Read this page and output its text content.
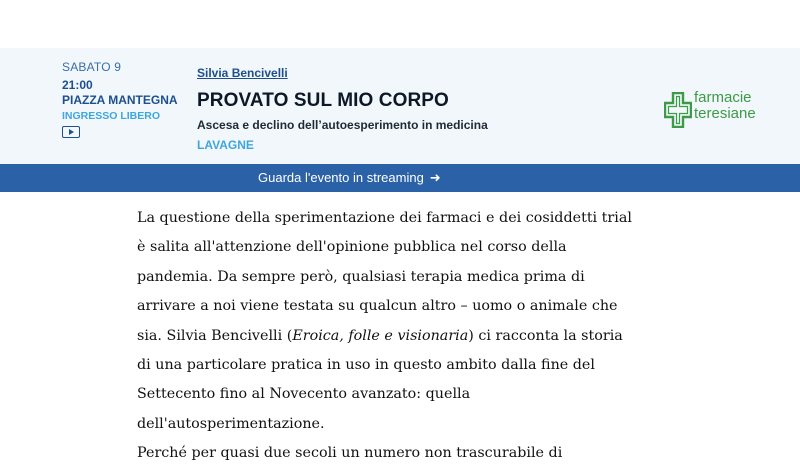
SABATO 9
21:00
PIAZZA MANTEGNA
INGRESSO LIBERO
Silvia Bencivelli
PROVATO SUL MIO CORPO
Ascesa e declino dell’autoesperimento in medicina
LAVAGNE
farmacie
teresiane
Guarda l'evento in streaming ➜

La questione della sperimentazione dei farmaci e dei cosiddetti trial è salita all'attenzione dell'opinione pubblica nel corso della pandemia. Da sempre però, qualsiasi terapia medica prima di arrivare a noi viene testata su qualcun altro – uomo o animale che sia. Silvia Bencivelli (Eroica, folle e visionaria) ci racconta la storia di una particolare pratica in uso in questo ambito dalla fine del Settecento fino al Novecento avanzato: quella dell'autosperimentazione.

Perché per quasi due secoli un numero non trascurabile di
